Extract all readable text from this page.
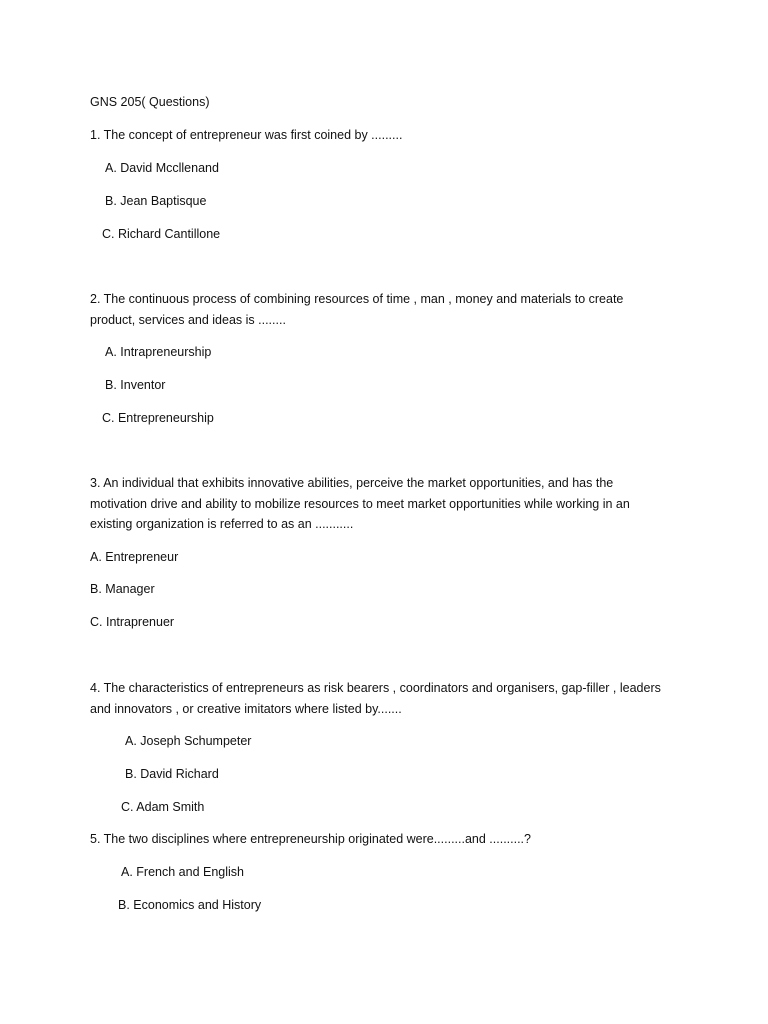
GNS 205( Questions)
1. The concept of entrepreneur was first coined by .........
A. David Mccllenand
B. Jean Baptisque
C. Richard Cantillone
2. The continuous process of combining resources of time , man , money and materials to create product, services and ideas is ........
A. Intrapreneurship
B. Inventor
C. Entrepreneurship
3. An individual that exhibits innovative abilities, perceive the market opportunities, and has the motivation drive and ability to mobilize resources to meet market opportunities while working in an existing organization is referred to as an ...........
A. Entrepreneur
B. Manager
C. Intraprenuer
4. The characteristics of entrepreneurs as risk bearers , coordinators and organisers, gap-filler , leaders and innovators , or creative imitators where listed by.......
A. Joseph Schumpeter
B. David Richard
C. Adam Smith
5. The two disciplines where entrepreneurship originated were.........and ..........?
A. French and English
B. Economics and History
